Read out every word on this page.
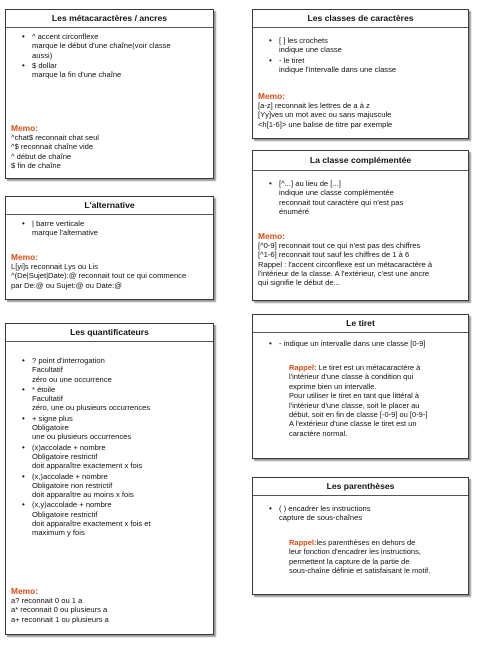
Les métacaractères / ancres
• ^ accent circonflexe
marque le début d'une chaîne(voir classe
aussi)
• $ dollar
marque la fin d'une chaîne
Memo:
^chat$ reconnait chat seul
^$ reconnait chaîne vide
^ début de chaîne
$ fin de chaîne
L'alternative
• | barre verticale
marque l'alternative
Memo:
L[yi]s reconnait Lys ou Lis
^(De|Sujet|Date):@ reconnait tout ce qui commence
par De:@ ou Sujet:@ ou Date:@
Les quantificateurs
• ? point d'interrogation
Facultatif
zéro ou une occurrence
• * étoile
Facultatif
zéro, une ou plusieurs occurrences
• + signe plus
Obligatoire
une ou plusieurs occurrences
• (x)accolade + nombre
Obligatoire restrictif
doit apparaître exactement x fois
• (x,)accolade + nombre
Obligatoire non restrictif
doit apparaître au moins x fois
• (x,y)accolade + nombre
Obligatoire restrictif
doit apparaître exactement x fois et
maximum y fois
Memo:
a? reconnait 0 ou 1 a
a* reconnait 0 ou plusieurs a
a+ reconnait 1 ou plusieurs a
Les classes de caractères
• [ ] les crochets
indique une classe
• - le tiret
indique l'intervalle dans une classe
Memo:
[a-z] reconnait les lettres de a à z
[Yy]ves un mot avec ou sans majuscule
<h[1-6]> une balise de titre par exemple
La classe complémentée
• [^...] au lieu de [...]
indique une classe complémentée
reconnait tout caractère qui n'est pas
énuméré
Memo:
[^0-9] reconnait tout ce qui n'est pas des chiffres
[^1-6] reconnait tout sauf les chiffres de 1 à 6
Rappel : l'accent circonflexe est un métacaractère à
l'intérieur de la classe. A l'extérieur, c'est une ancre
qui signifie le début de...
Le tiret
• - indique un intervalle dans une classe [0-9]
Rappel: Le tiret est un métacaractère à
l'intérieur d'une classe à condition qui
exprime bien un intervalle.
Pour utiliser le tiret en tant que littéral à
l'intérieur d'une classe, soit le placer au
début, soit en fin de classe [-0-9] ou [0-9-]
A l'extérieur d'une classe le tiret est un
caractère normal.
Les parenthèses
• ( ) encadrer les instructions
capture de sous-chaînes
Rappel:les parenthèses en dehors de
leur fonction d'encadrer les instructions,
permettent la capture de la partie de
sous-chaîne définie et satisfaisant le motif.
